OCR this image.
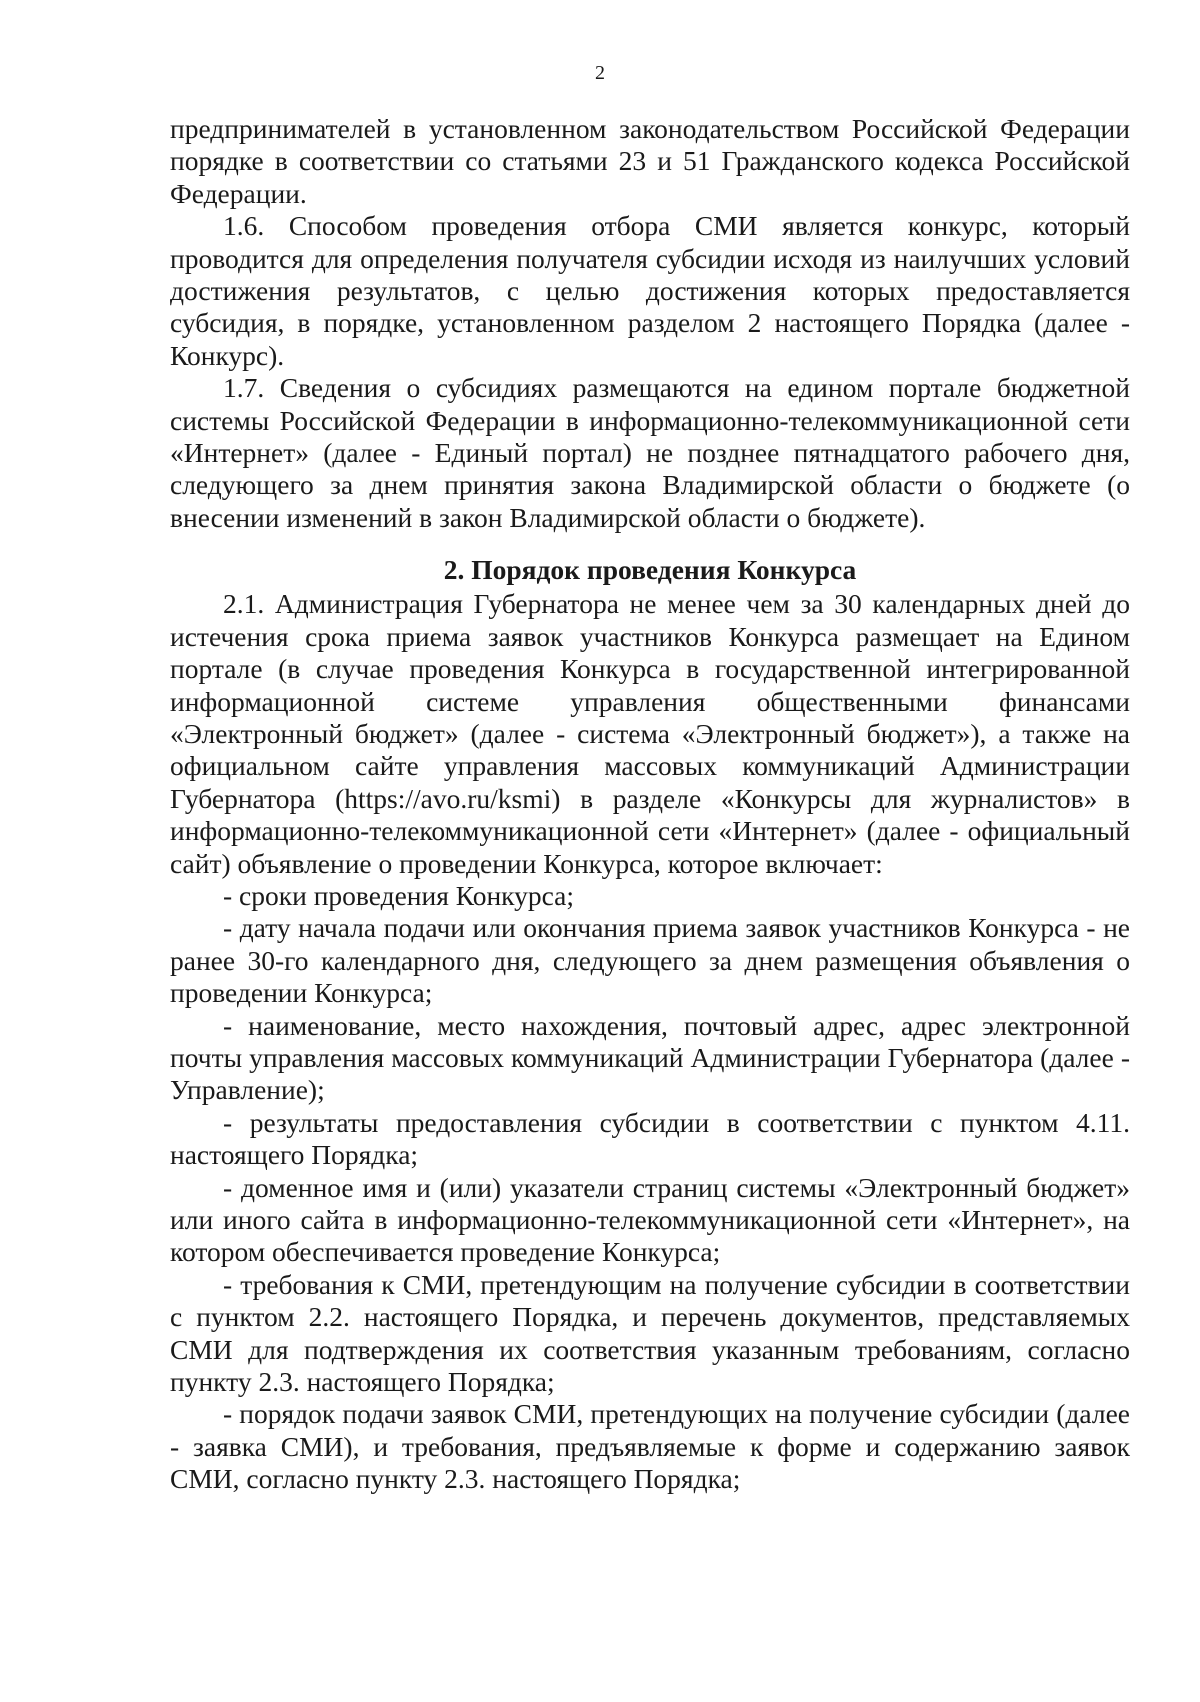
2

предпринимателей в установленном законодательством Российской Федерации порядке в соответствии со статьями 23 и 51 Гражданского кодекса Российской Федерации.

1.6. Способом проведения отбора СМИ является конкурс, который проводится для определения получателя субсидии исходя из наилучших условий достижения результатов, с целью достижения которых предоставляется субсидия, в порядке, установленном разделом 2 настоящего Порядка (далее - Конкурс).

1.7. Сведения о субсидиях размещаются на едином портале бюджетной системы Российской Федерации в информационно-телекоммуникационной сети «Интернет» (далее - Единый портал) не позднее пятнадцатого рабочего дня, следующего за днем принятия закона Владимирской области о бюджете (о внесении изменений в закон Владимирской области о бюджете).

2. Порядок проведения Конкурса

2.1. Администрация Губернатора не менее чем за 30 календарных дней до истечения срока приема заявок участников Конкурса размещает на Едином портале (в случае проведения Конкурса в государственной интегрированной информационной системе управления общественными финансами «Электронный бюджет» (далее - система «Электронный бюджет»), а также на официальном сайте управления массовых коммуникаций Администрации Губернатора (https://avo.ru/ksmi) в разделе «Конкурсы для журналистов» в информационно-телекоммуникационной сети «Интернет» (далее - официальный сайт) объявление о проведении Конкурса, которое включает:

- сроки проведения Конкурса;

- дату начала подачи или окончания приема заявок участников Конкурса - не ранее 30-го календарного дня, следующего за днем размещения объявления о проведении Конкурса;

- наименование, место нахождения, почтовый адрес, адрес электронной почты управления массовых коммуникаций Администрации Губернатора (далее - Управление);

- результаты предоставления субсидии в соответствии с пунктом 4.11. настоящего Порядка;

- доменное имя и (или) указатели страниц системы «Электронный бюджет» или иного сайта в информационно-телекоммуникационной сети «Интернет», на котором обеспечивается проведение Конкурса;

- требования к СМИ, претендующим на получение субсидии в соответствии с пунктом 2.2. настоящего Порядка, и перечень документов, представляемых СМИ для подтверждения их соответствия указанным требованиям, согласно пункту 2.3. настоящего Порядка;

- порядок подачи заявок СМИ, претендующих на получение субсидии (далее - заявка СМИ), и требования, предъявляемые к форме и содержанию заявок СМИ, согласно пункту 2.3. настоящего Порядка;
